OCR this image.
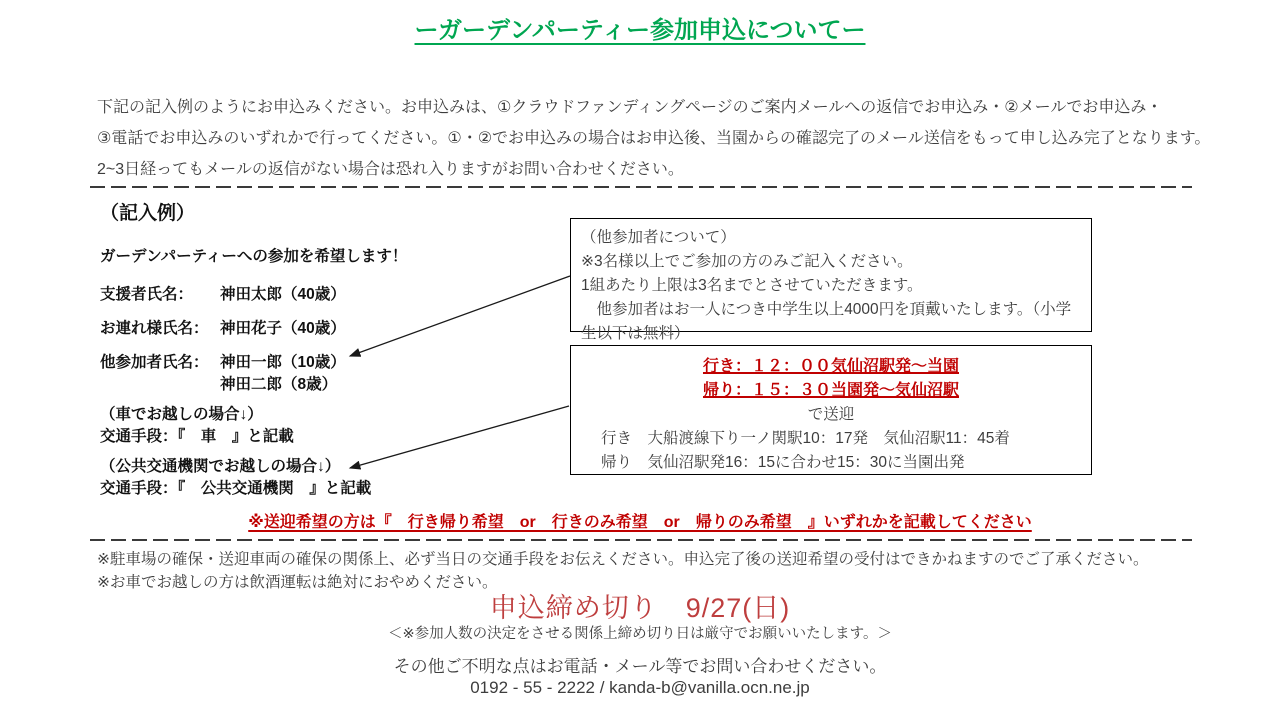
ーガーデンパーティー参加申込についてー
下記の記入例のようにお申込みください。お申込みは、①クラウドファンディングページのご案内メールへの返信でお申込み・②メールでお申込み・
③電話でお申込みのいずれかで行ってください。①・②でお申込みの場合はお申込後、当園からの確認完了のメール送信をもって申し込み完了となります。
2~3日経ってもメールの返信がない場合は恐れ入りますがお問い合わせください。
（記入例）
ガーデンパーティーへの参加を希望します！
支援者氏名：	神田太郎（40歳）
お連れ様氏名： 神田花子（40歳）
他参加者氏名： 神田一郎（10歳）
神田二郎（8歳）
（車でお越しの場合↓）
交通手段：『　車　』と記載
（公共交通機関でお越しの場合↓）
交通手段：『　公共交通機関　』と記載
（他参加者について）
※3名様以上でご参加の方のみご記入ください。
1組あたり上限は3名までとさせていただきます。
　他参加者はお一人につき中学生以上4000円を頂戴いたします。（小学生以下は無料）
行き：１２：００気仙沼駅発～当園
帰り：１５：３０当園発～気仙沼駅
で送迎
行き　大船渡線下り一ノ関駅10：17発　気仙沼駅11：45着
帰り　気仙沼駅発16：15に合わせ15：30に当園出発
※送迎希望の方は『　行き帰り希望　or　行きのみ希望　or　帰りのみ希望　』いずれかを記載してください
※駐車場の確保・送迎車両の確保の関係上、必ず当日の交通手段をお伝えください。申込完了後の送迎希望の受付はできかねますのでご了承ください。
※お車でお越しの方は飲酒運転は絶対におやめください。
申込締め切り　9/27(日)
＜※参加人数の決定をさせる関係上締め切り日は厳守でお願いいたします。＞
その他ご不明な点はお電話・メール等でお問い合わせください。
0192 - 55 - 2222 / kanda-b@vanilla.ocn.ne.jp
